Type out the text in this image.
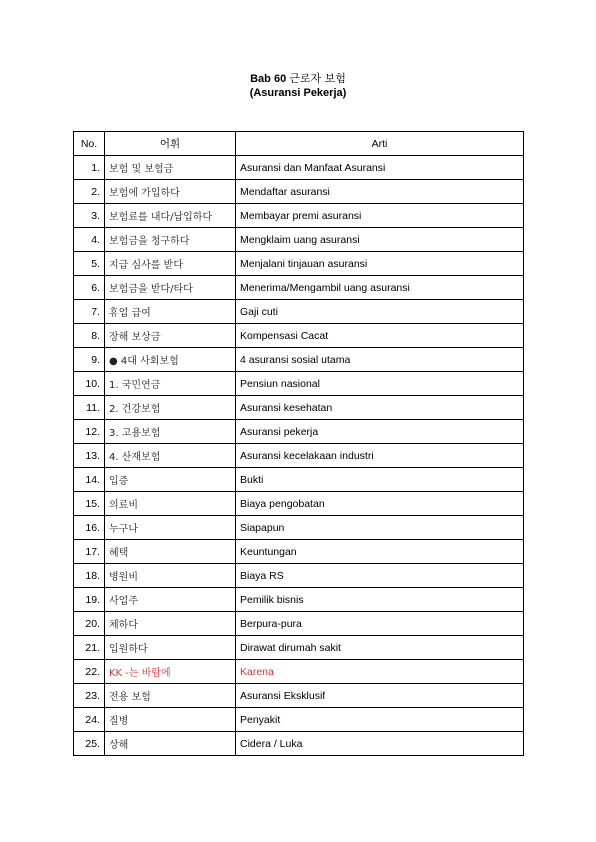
Bab 60 근로자 보험
(Asuransi Pekerja)
No.	어휘	Arti
1.	보험 및 보험금	Asuransi dan Manfaat Asuransi
2.	보험에 가입하다	Mendaftar asuransi
3.	보험료를 내다/납입하다	Membayar premi asuransi
4.	보험금을 청구하다	Mengklaim uang asuransi
5.	지급 심사를 받다	Menjalani tinjauan asuransi
6.	보험금을 받다/타다	Menerima/Mengambil uang asuransi
7.	휴업 급여	Gaji cuti
8.	장해 보상금	Kompensasi Cacat
9.	● 4대 사회보험	4 asuransi sosial utama
10.	1. 국민연금	Pensiun nasional
11.	2. 건강보험	Asuransi kesehatan
12.	3. 고용보험	Asuransi pekerja
13.	4. 산재보험	Asuransi kecelakaan industri
14.	입증	Bukti
15.	의료비	Biaya pengobatan
16.	누구나	Siapapun
17.	혜택	Keuntungan
18.	병원비	Biaya RS
19.	사업주	Pemilik bisnis
20.	체하다	Berpura-pura
21.	입원하다	Dirawat dirumah sakit
22.	KK -는 바람에	Karena
23.	전용 보험	Asuransi Eksklusif
24.	질병	Penyakit
25.	상해	Cidera / Luka
